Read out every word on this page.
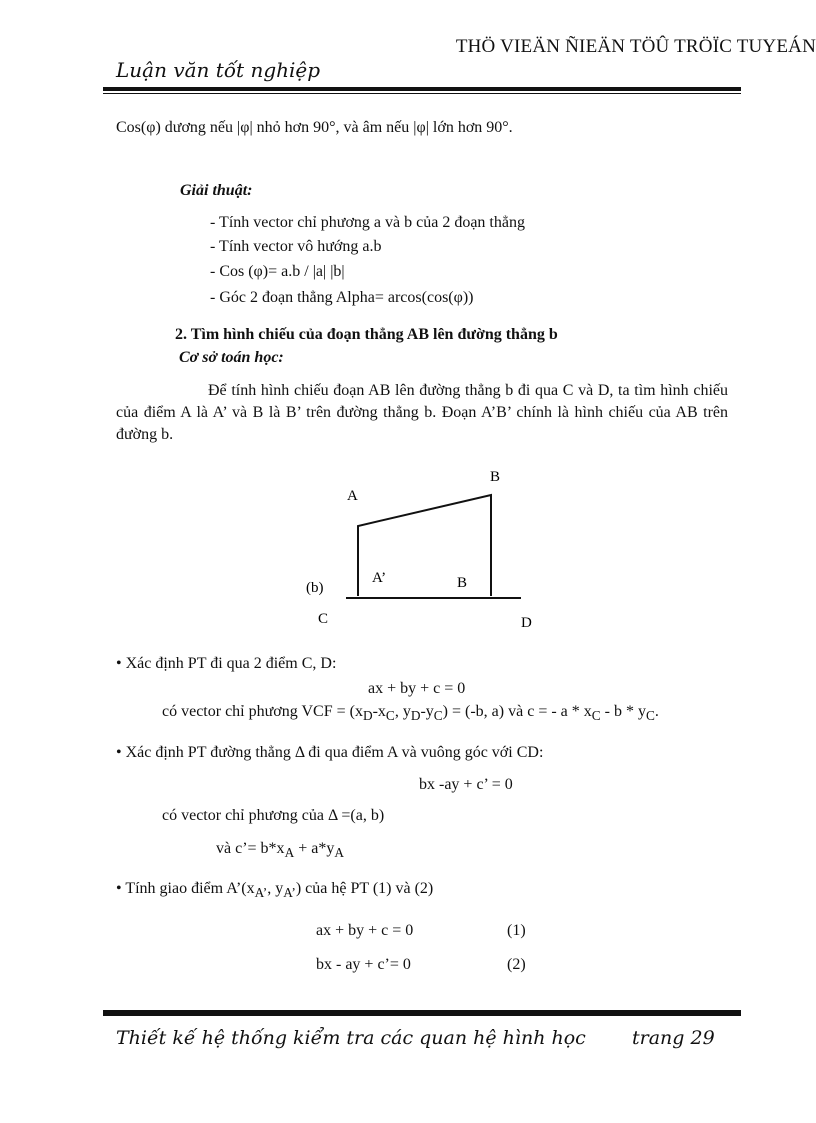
THÖ VIEÄN ÑIEÄN TÖÛ TRÖÏC TUYEÁN
Luận văn tốt nghiệp
Cos(φ) dương nếu |φ| nhỏ hơn 90°, và âm nếu |φ| lớn hơn 90°.
Giải thuật:
- Tính vector chỉ phương a và b của 2 đoạn thẳng
- Tính vector vô hướng a.b
- Cos (φ)= a.b / |a| |b|
- Góc 2 đoạn thẳng Alpha= arcos(cos(φ))
2. Tìm hình chiếu của đoạn thẳng AB lên đường thẳng b
Cơ sở toán học:
Để tính hình chiếu đoạn AB lên đường thẳng b đi qua C và D, ta tìm hình chiếu của điểm A là A’ và B là B’ trên đường thẳng b. Đoạn A’B’ chính là hình chiếu của AB trên đường b.
A
B
A’	B
(b)
C	D
• Xác định PT đi qua 2 điểm C, D:
ax + by + c = 0
có vector chỉ phương VCF = ($x_D-x_C$, $y_D-y_C) = (-b$, a) và c = - a * $x_C$ - b * $y_C$.
• Xác định PT đường thẳng Δ đi qua điểm A và vuông góc với CD:
bx -ay + c’ = 0
có vector chỉ phương của Δ =(a, b)
và c’= $b*x_A + a*y_A$
• Tính giao điểm $A’(x_{A’}$, $y_{A’}$) của hệ PT (1) và (2)
ax + by + c = 0	(1)
bx - ay + c’= 0	(2)
Thiết kế hệ thống kiểm tra các quan hệ hình học trang 29
